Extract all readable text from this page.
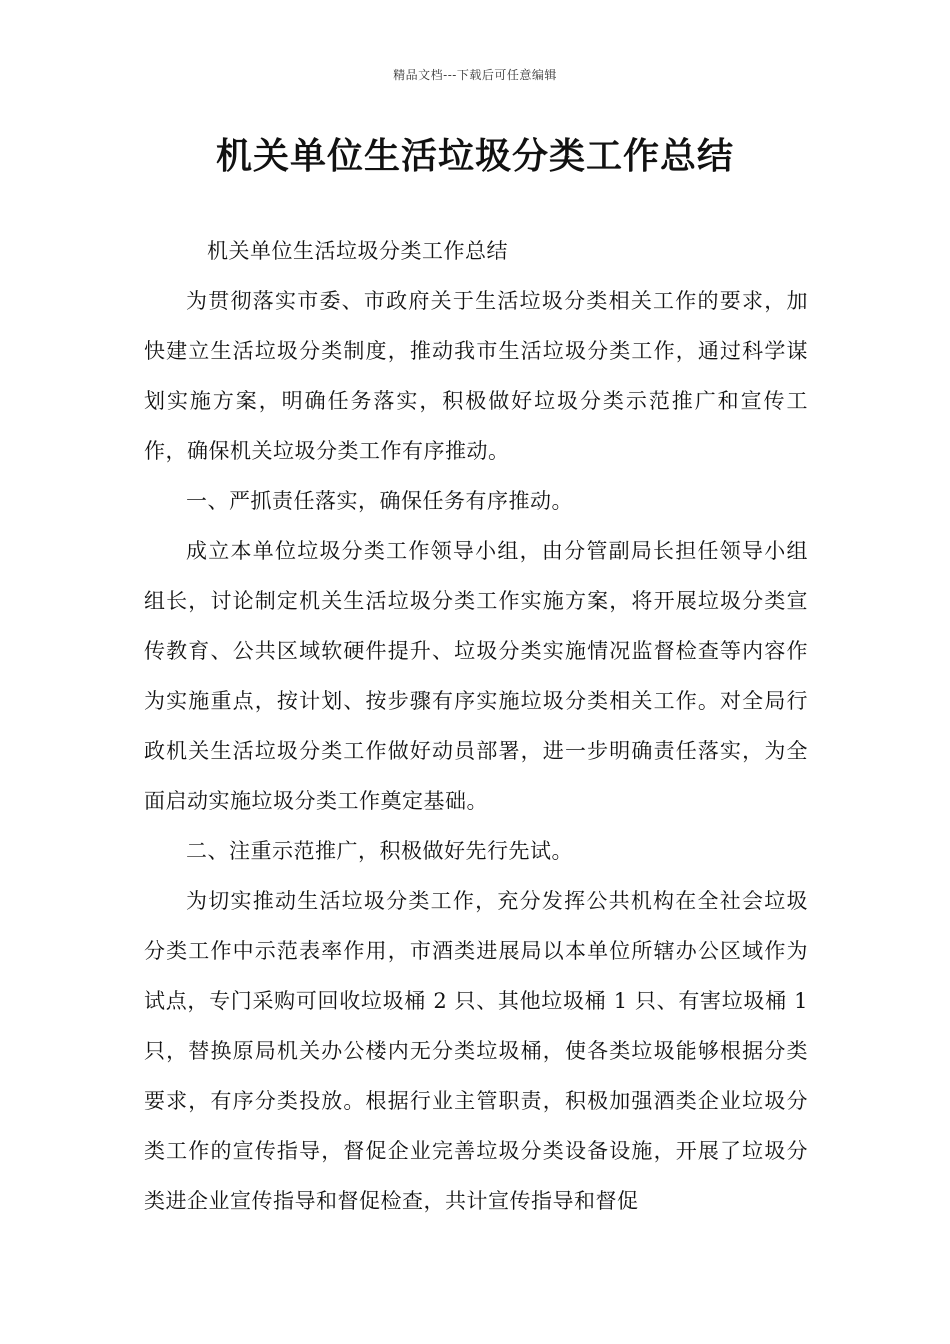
精品文档---下载后可任意编辑
机关单位生活垃圾分类工作总结

机关单位生活垃圾分类工作总结

为贯彻落实市委、市政府关于生活垃圾分类相关工作的要求，加快建立生活垃圾分类制度，推动我市生活垃圾分类工作，通过科学谋划实施方案，明确任务落实，积极做好垃圾分类示范推广和宣传工作，确保机关垃圾分类工作有序推动。

一、严抓责任落实，确保任务有序推动。

成立本单位垃圾分类工作领导小组，由分管副局长担任领导小组组长，讨论制定机关生活垃圾分类工作实施方案，将开展垃圾分类宣传教育、公共区域软硬件提升、垃圾分类实施情况监督检查等内容作为实施重点，按计划、按步骤有序实施垃圾分类相关工作。对全局行政机关生活垃圾分类工作做好动员部署，进一步明确责任落实，为全面启动实施垃圾分类工作奠定基础。

二、注重示范推广，积极做好先行先试。

为切实推动生活垃圾分类工作，充分发挥公共机构在全社会垃圾分类工作中示范表率作用，市酒类进展局以本单位所辖办公区域作为试点，专门采购可回收垃圾桶 2 只、其他垃圾桶 1 只、有害垃圾桶 1 只，替换原局机关办公楼内无分类垃圾桶，使各类垃圾能够根据分类要求，有序分类投放。根据行业主管职责，积极加强酒类企业垃圾分类工作的宣传指导，督促企业完善垃圾分类设备设施，开展了垃圾分类进企业宣传指导和督促检查，共计宣传指导和督促
